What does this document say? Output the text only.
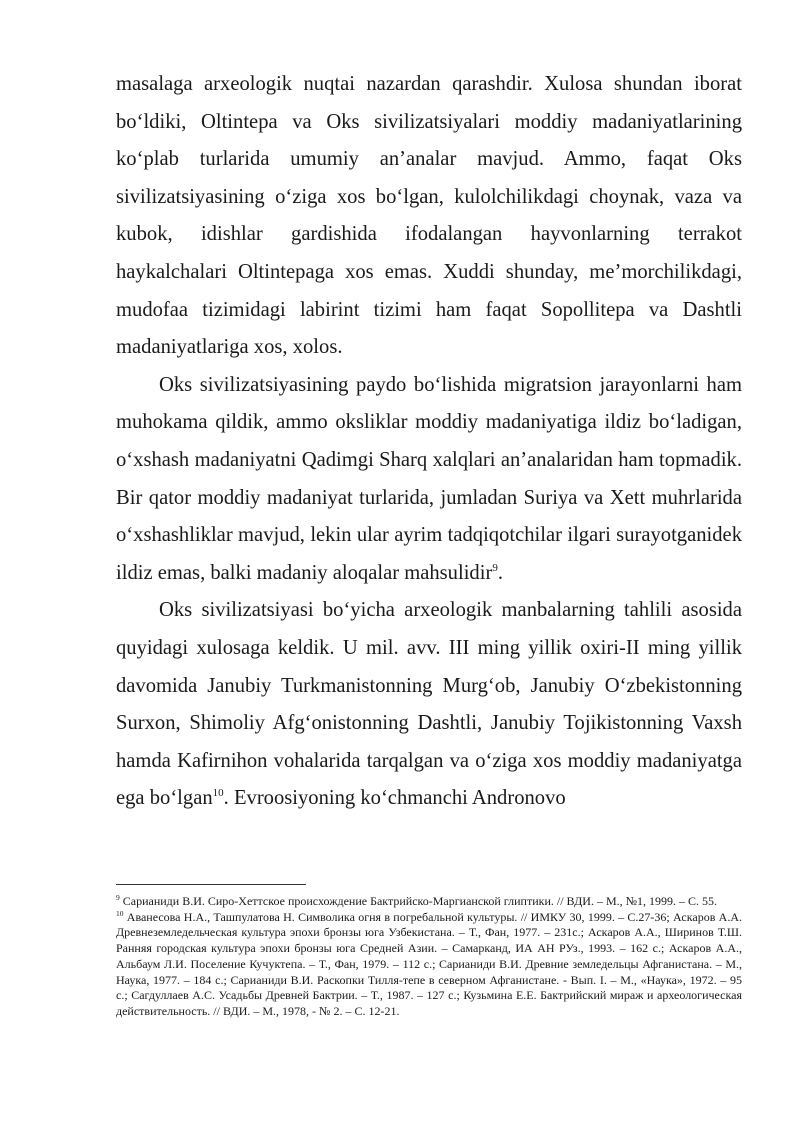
masalaga arxeologik nuqtai nazardan qarashdir. Xulosa shundan iborat bo‘ldiki, Oltintepa va Oks sivilizatsiyalari moddiy madaniyatlarining ko‘plab turlarida umumiy an’analar mavjud. Ammo, faqat Oks sivilizatsiyasining o‘ziga xos bo‘lgan, kulolchilikdagi choynak, vaza va kubok, idishlar gardishida ifodalangan hayvonlarning terrakot haykalchalari Oltintepaga xos emas. Xuddi shunday, me’morchilikdagi, mudofaa tizimidagi labirint tizimi ham faqat Sopollitepa va Dashtli madaniyatlariga xos, xolos.

Oks sivilizatsiyasining paydo bo‘lishida migratsion jarayonlarni ham muhokama qildik, ammo oksliklar moddiy madaniyatiga ildiz bo‘ladigan, o‘xshash madaniyatni Qadimgi Sharq xalqlari an’analaridan ham topmadik. Bir qator moddiy madaniyat turlarida, jumladan Suriya va Xett muhrlarida o‘xshashliklar mavjud, lekin ular ayrim tadqiqotchilar ilgari surayotganidek ildiz emas, balki madaniy aloqalar mahsulidir$^9$.

Oks sivilizatsiyasi bo‘yicha arxeologik manbalarning tahlili asosida quyidagi xulosaga keldik. U mil. avv. III ming yillik oxiri-II ming yillik davomida Janubiy Turkmanistonning Murg‘ob, Janubiy O‘zbekistonning Surxon, Shimoliy Afg‘onistonning Dashtli, Janubiy Tojikistonning Vaxsh hamda Kafirnihon vohalarida tarqalgan va o‘ziga xos moddiy madaniyatga ega bo‘lgan$^{10}$. Evroosiyoning ko‘chmanchi Andronovo

$^9$ Сарианиди В.И. Сиро-Хеттское происхождение Бактрийско-Маргианской глиптики. // ВДИ. – М., №1, 1999. – С. 55.

$^{10}$ Аванесова Н.А., Ташпулатова Н. Символика огня в погребальной культуры. // ИМКУ 30, 1999. – С.27-36; Аскаров А.А. Древнеземледельческая культура эпохи бронзы юга Узбекистана. – Т., Фан, 1977. – 231с.; Аскаров А.А., Ширинов Т.Ш. Ранняя городская культура эпохи бронзы юга Средней Азии. – Самарканд, ИА АН РУз., 1993. – 162 с.; Аскаров А.А., Альбаум Л.И. Поселение Кучуктепа. – Т., Фан, 1979. – 112 с.; Сарианиди В.И. Древние земледельцы Афганистана. – М., Наука, 1977. – 184 с.; Сарианиди В.И. Раскопки Тилля-тепе в северном Афганистане. - Вып. I. – М., «Наука», 1972. – 95 с.; Сагдуллаев А.С. Усадьбы Древней Бактрии. – Т., 1987. – 127 с.; Кузьмина Е.Е. Бактрийский мираж и археологическая действительность. // ВДИ. – М., 1978, - № 2. – С. 12-21.
